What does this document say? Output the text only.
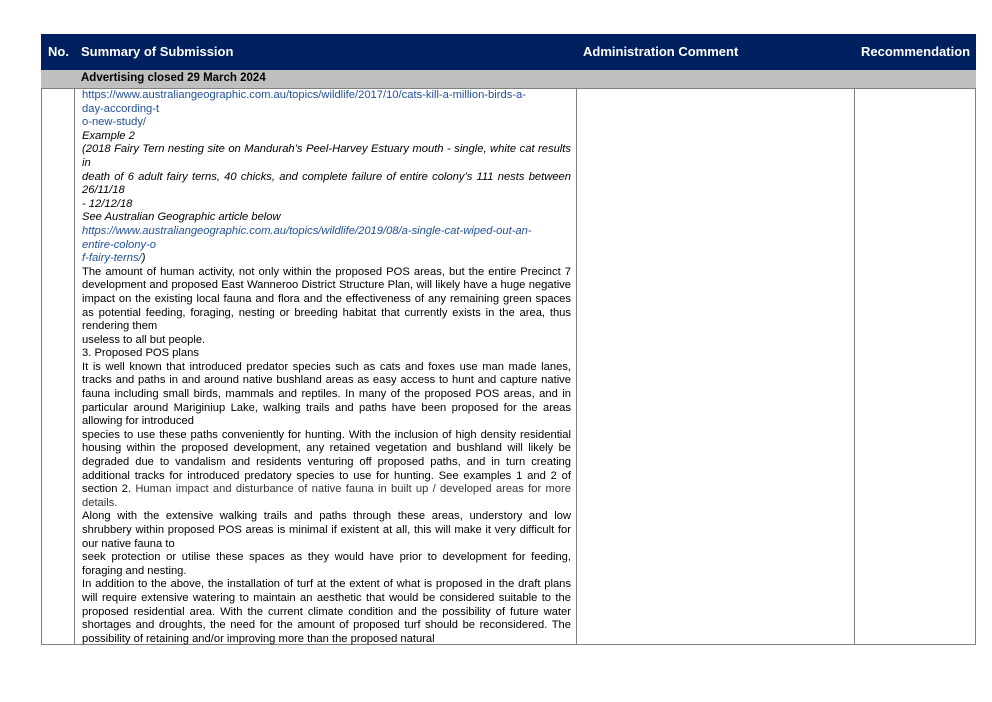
No. Summary of Submission	Administration Comment	Recommendation
Advertising closed 29 March 2024

https://www.australiangeographic.com.au/topics/wildlife/2017/10/cats-kill-a-million-birds-a-

day-according-t

o-new-study/

Example 2

(2018 Fairy Tern nesting site on Mandurah’s Peel-Harvey Estuary mouth - single, white cat results in

death of 6 adult fairy terns, 40 chicks, and complete failure of entire colony’s 111 nests between 26/11/18

- 12/12/18

See Australian Geographic article below

https://www.australiangeographic.com.au/topics/wildlife/2019/08/a-single-cat-wiped-out-an-

entire-colony-o

f-fairy-terns/)

The amount of human activity, not only within the proposed POS areas, but the entire Precinct 7 development and proposed East Wanneroo District Structure Plan, will likely have a huge negative impact on the existing local fauna and flora and the effectiveness of any remaining green spaces as potential feeding, foraging, nesting or breeding habitat that currently exists in the area, thus rendering them

useless to all but people.

3. Proposed POS plans

It is well known that introduced predator species such as cats and foxes use man made lanes, tracks and paths in and around native bushland areas as easy access to hunt and capture native fauna including small birds, mammals and reptiles. In many of the proposed POS areas, and in particular around Mariginiup Lake, walking trails and paths have been proposed for the areas allowing for introduced

species to use these paths conveniently for hunting. With the inclusion of high density residential housing within the proposed development, any retained vegetation and bushland will likely be degraded due to vandalism and residents venturing off proposed paths, and in turn creating additional tracks for introduced predatory species to use for hunting. See examples 1 and 2 of section 2. Human impact and disturbance of native fauna in built up / developed areas for more details.

Along with the extensive walking trails and paths through these areas, understory and low shrubbery within proposed POS areas is minimal if existent at all, this will make it very difficult for our native fauna to

seek protection or utilise these spaces as they would have prior to development for feeding, foraging and nesting.

In addition to the above, the installation of turf at the extent of what is proposed in the draft plans will require extensive watering to maintain an aesthetic that would be considered suitable to the proposed residential area. With the current climate condition and the possibility of future water shortages and droughts, the need for the amount of proposed turf should be reconsidered. The possibility of retaining and/or improving more than the proposed natural
